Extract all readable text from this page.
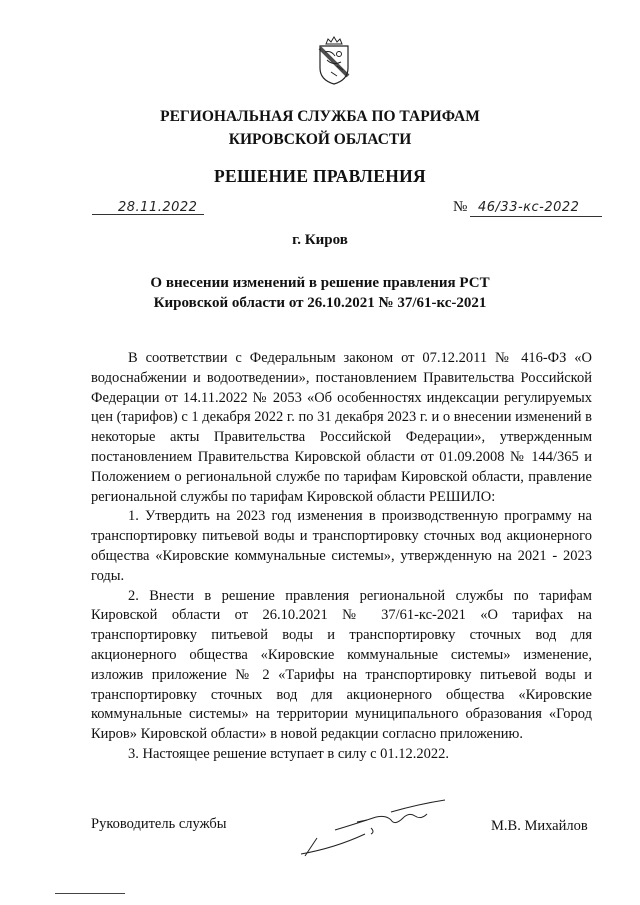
РЕГИОНАЛЬНАЯ СЛУЖБА ПО ТАРИФАМ
КИРОВСКОЙ ОБЛАСТИ
РЕШЕНИЕ ПРАВЛЕНИЯ
28.11.2022	№ 46/33-кс-2022
г. Киров
О внесении изменений в решение правления РСТ Кировской области от 26.10.2021 № 37/61-кс-2021

В соответствии с Федеральным законом от 07.12.2011 № 416-ФЗ «О водоснабжении и водоотведении», постановлением Правительства Российской Федерации от 14.11.2022 № 2053 «Об особенностях индексации регулируемых цен (тарифов) с 1 декабря 2022 г. по 31 декабря 2023 г. и о внесении изменений в некоторые акты Правительства Российской Федерации», утвержденным постановлением Правительства Кировской области от 01.09.2008 № 144/365 и Положением о региональной службе по тарифам Кировской области, правление региональной службы по тарифам Кировской области РЕШИЛО:

1. Утвердить на 2023 год изменения в производственную программу на транспортировку питьевой воды и транспортировку сточных вод акционерного общества «Кировские коммунальные системы», утвержденную на 2021 - 2023 годы.

2. Внести в решение правления региональной службы по тарифам Кировской области от 26.10.2021 № 37/61-кс-2021 «О тарифах на транспортировку питьевой воды и транспортировку сточных вод для акционерного общества «Кировские коммунальные системы» изменение, изложив приложение № 2 «Тарифы на транспортировку питьевой воды и транспортировку сточных вод для акционерного общества «Кировские коммунальные системы» на территории муниципального образования «Город Киров» Кировской области» в новой редакции согласно приложению.

3. Настоящее решение вступает в силу с 01.12.2022.

Руководитель службы	М.В. Михайлов
